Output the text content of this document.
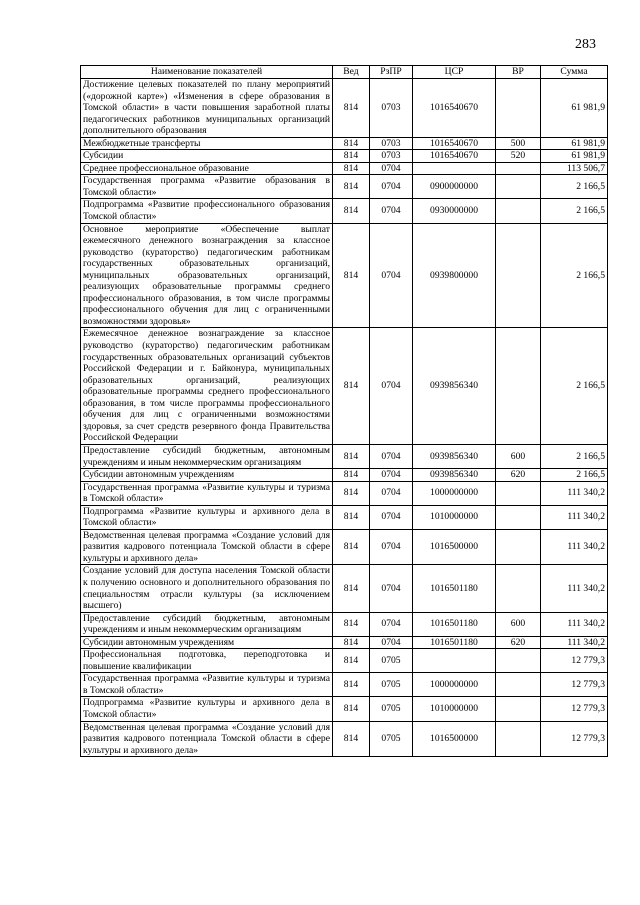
283
Наименование показателей	Вед	РзПР	ЦСР	ВР	Сумма
Достижение целевых показателей по плану мероприятий («дорожной карте») «Изменения в сфере образования в Томской области» в части повышения заработной платы педагогических работников муниципальных организаций дополнительного образования	814	0703	1016540670		61 981,9
Межбюджетные трансферты	814	0703	1016540670	500	61 981,9
Субсидии	814	0703	1016540670	520	61 981,9
Среднее профессиональное образование	814	0704			113 506,7
Государственная программа «Развитие образования в Томской области»	814	0704	0900000000		2 166,5
Подпрограмма «Развитие профессионального образования Томской области»	814	0704	0930000000		2 166,5
Основное мероприятие «Обеспечение выплат ежемесячного денежного вознаграждения за классное руководство (кураторство) педагогическим работникам государственных образовательных организаций, муниципальных образовательных организаций, реализующих образовательные программы среднего профессионального образования, в том числе программы профессионального обучения для лиц с ограниченными возможностями здоровья»	814	0704	0939800000		2 166,5
Ежемесячное денежное вознаграждение за классное руководство (кураторство) педагогическим работникам государственных образовательных организаций субъектов Российской Федерации и г. Байконура, муниципальных образовательных организаций, реализующих образовательные программы среднего профессионального образования, в том числе программы профессионального обучения для лиц с ограниченными возможностями здоровья, за счет средств резервного фонда Правительства Российской Федерации	814	0704	0939856340		2 166,5
Предоставление субсидий бюджетным, автономным учреждениям и иным некоммерческим организациям	814	0704	0939856340	600	2 166,5
Субсидии автономным учреждениям	814	0704	0939856340	620	2 166,5
Государственная программа «Развитие культуры и туризма в Томской области»	814	0704	1000000000		111 340,2
Подпрограмма «Развитие культуры и архивного дела в Томской области»	814	0704	1010000000		111 340,2
Ведомственная целевая программа «Создание условий для развития кадрового потенциала Томской области в сфере культуры и архивного дела»	814	0704	1016500000		111 340,2
Создание условий для доступа населения Томской области к получению основного и дополнительного образования по специальностям отрасли культуры (за исключением высшего)	814	0704	1016501180		111 340,2
Предоставление субсидий бюджетным, автономным учреждениям и иным некоммерческим организациям	814	0704	1016501180	600	111 340,2
Субсидии автономным учреждениям	814	0704	1016501180	620	111 340,2
Профессиональная подготовка, переподготовка и повышение квалификации	814	0705			12 779,3
Государственная программа «Развитие культуры и туризма в Томской области»	814	0705	1000000000		12 779,3
Подпрограмма «Развитие культуры и архивного дела в Томской области»	814	0705	1010000000		12 779,3
Ведомственная целевая программа «Создание условий для развития кадрового потенциала Томской области в сфере культуры и архивного дела»	814	0705	1016500000		12 779,3
